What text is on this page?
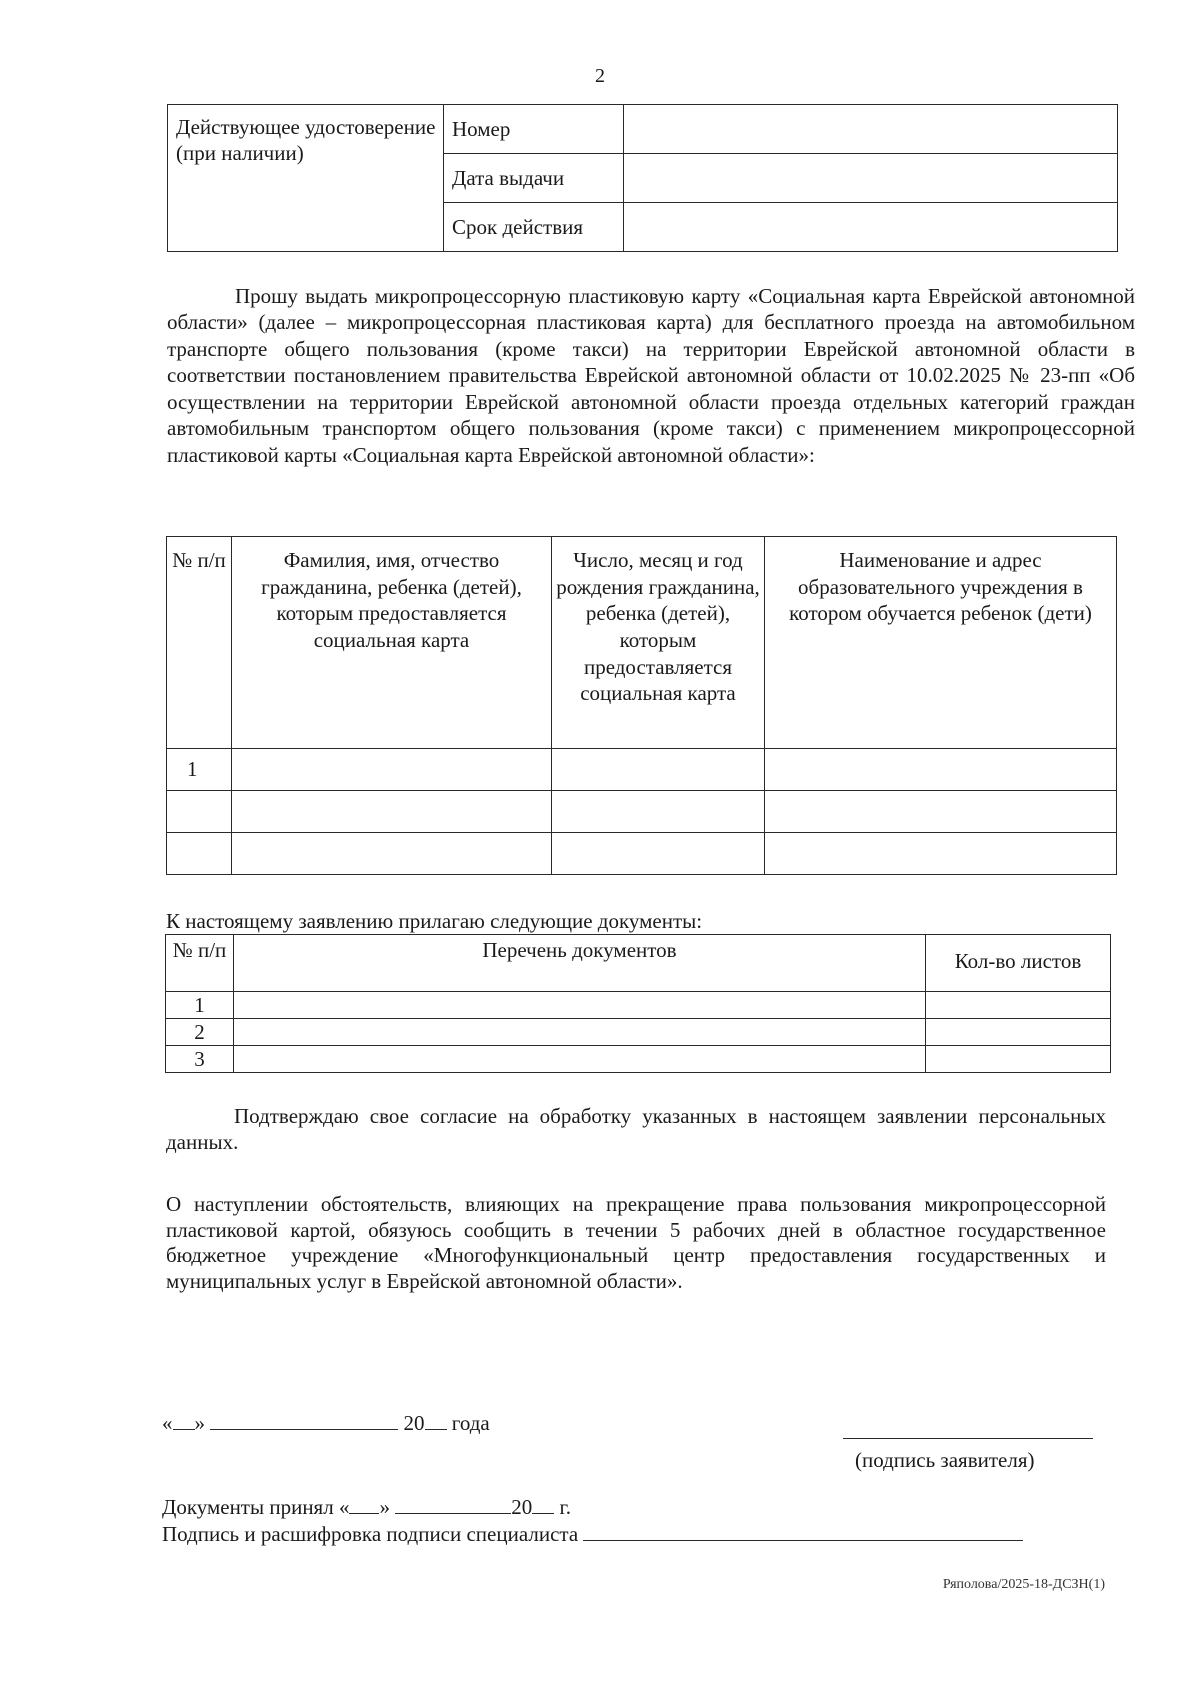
2
Действующее удостоверение (при наличии)	Номер	
	Дата выдачи	
	Срок действия	
Прошу выдать микропроцессорную пластиковую карту «Социальная карта Еврейской автономной области» (далее – микропроцессорная пластиковая карта) для бесплатного проезда на автомобильном транспорте общего пользования (кроме такси) на территории Еврейской автономной области в соответствии постановлением правительства Еврейской автономной области от 10.02.2025 № 23-пп «Об осуществлении на территории Еврейской автономной области проезда отдельных категорий граждан автомобильным транспортом общего пользования (кроме такси) с применением микропроцессорной пластиковой карты «Социальная карта Еврейской автономной области»:
№ п/п	Фамилия, имя, отчество гражданина, ребенка (детей), которым предоставляется социальная карта	Число, месяц и год рождения гражданина, ребенка (детей), которым предоставляется социальная карта	Наименование и адрес образовательного учреждения в котором обучается ребенок (дети)
1			

К настоящему заявлению прилагаю следующие документы:
№ п/п	Перечень документов	Кол-во листов
1		
2		
3		
Подтверждаю свое согласие на обработку указанных в настоящем заявлении персональных данных.
О наступлении обстоятельств, влияющих на прекращение права пользования микропроцессорной пластиковой картой, обязуюсь сообщить в течении 5 рабочих дней в областное государственное бюджетное учреждение «Многофункциональный центр предоставления государственных и муниципальных услуг в Еврейской автономной области».
« »	20 года
(подпись заявителя)
Документы принял « »	20 г.
Подпись и расшифровка подписи специалиста
Ряполова/2025-18-ДСЗН(1)
